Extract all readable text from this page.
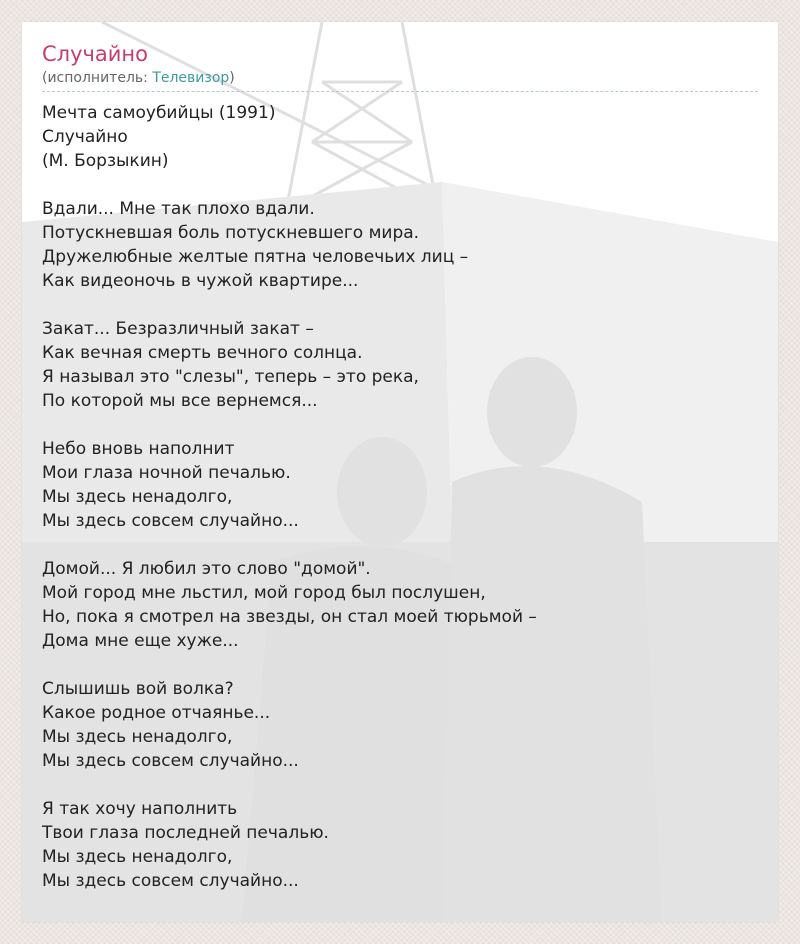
Случайно
(исполнитель: Телевизор)
Мечта самоубийцы (1991)
Случайно
(М. Борзыкин)
Вдали... Мне так плохо вдали.
Потускневшая боль потускневшего мира.
Дружелюбные желтые пятна человечьих лиц –
Как видеоночь в чужой квартире...
Закат... Безразличный закат –
Как вечная смерть вечного солнца.
Я называл это "слезы", теперь – это река,
По которой мы все вернемся...
Небо вновь наполнит
Мои глаза ночной печалью.
Мы здесь ненадолго,
Мы здесь совсем случайно...
Домой... Я любил это слово "домой".
Мой город мне льстил, мой город был послушен,
Но, пока я смотрел на звезды, он стал моей тюрьмой –
Дома мне еще хуже...
Слышишь вой волка?
Какое родное отчаянье...
Мы здесь ненадолго,
Мы здесь совсем случайно...
Я так хочу наполнить
Твои глаза последней печалью.
Мы здесь ненадолго,
Мы здесь совсем случайно...
